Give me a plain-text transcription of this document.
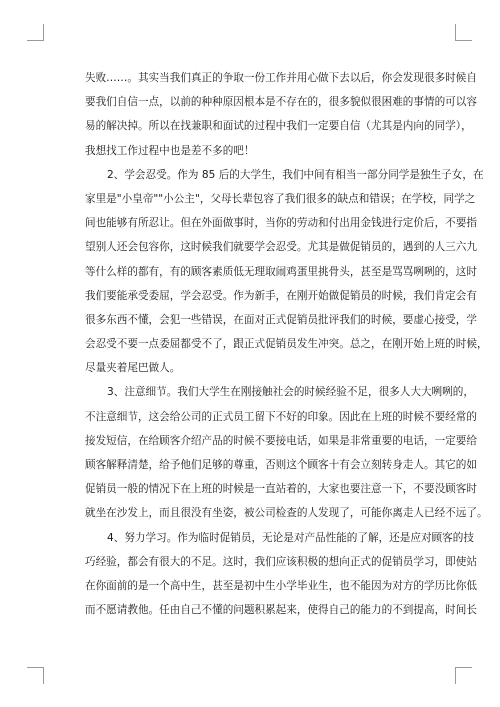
失败……。其实当我们真正的争取一份工作并用心做下去以后，你会发现很多时候自
要我们自信一点，以前的种种原因根本是不存在的，很多貌似很困难的事情的可以容
易的解决掉。所以在找兼职和面试的过程中我们一定要自信（尤其是内向的同学），
我想找工作过程中也是差不多的吧！
2、学会忍受。作为 85 后的大学生，我们中间有相当一部分同学是独生子女，在
家里是"小皇帝""小公主"，父母长辈包容了我们很多的缺点和错误；在学校，同学之
间也能够有所忍让。但在外面做事时，当你的劳动和付出用金钱进行定价后，不要指
望别人还会包容你，这时候我们就要学会忍受。尤其是做促销员的，遇到的人三六九
等什么样的都有，有的顾客素质低无理取闹鸡蛋里挑骨头，甚至是骂骂咧咧的，这时
我们要能承受委屈，学会忍受。作为新手，在刚开始做促销员的时候，我们肯定会有
很多东西不懂，会犯一些错误，在面对正式促销员批评我们的时候，要虚心接受，学
会忍受不要一点委屈都受不了，跟正式促销员发生冲突。总之，在刚开始上班的时候，
尽量夹着尾巴做人。
3、注意细节。我们大学生在刚接触社会的时候经验不足，很多人大大咧咧的，
不注意细节，这会给公司的正式员工留下不好的印象。因此在上班的时候不要经常的
接发短信，在给顾客介绍产品的时候不要接电话，如果是非常重要的电话，一定要给
顾客解释清楚，给予他们足够的尊重，否则这个顾客十有会立刻转身走人。其它的如
促销员一般的情况下在上班的时候是一直站着的，大家也要注意一下，不要没顾客时
就坐在沙发上，而且很没有坐姿，被公司检查的人发现了，可能你离走人已经不远了。
4、努力学习。作为临时促销员，无论是对产品性能的了解，还是应对顾客的技
巧经验，都会有很大的不足。这时，我们应该积极的想向正式的促销员学习，即使站
在你面前的是一个高中生，甚至是初中生小学毕业生，也不能因为对方的学历比你低
而不愿请教他。任由自己不懂的问题积累起来，使得自己的能力的不到提高，时间长
